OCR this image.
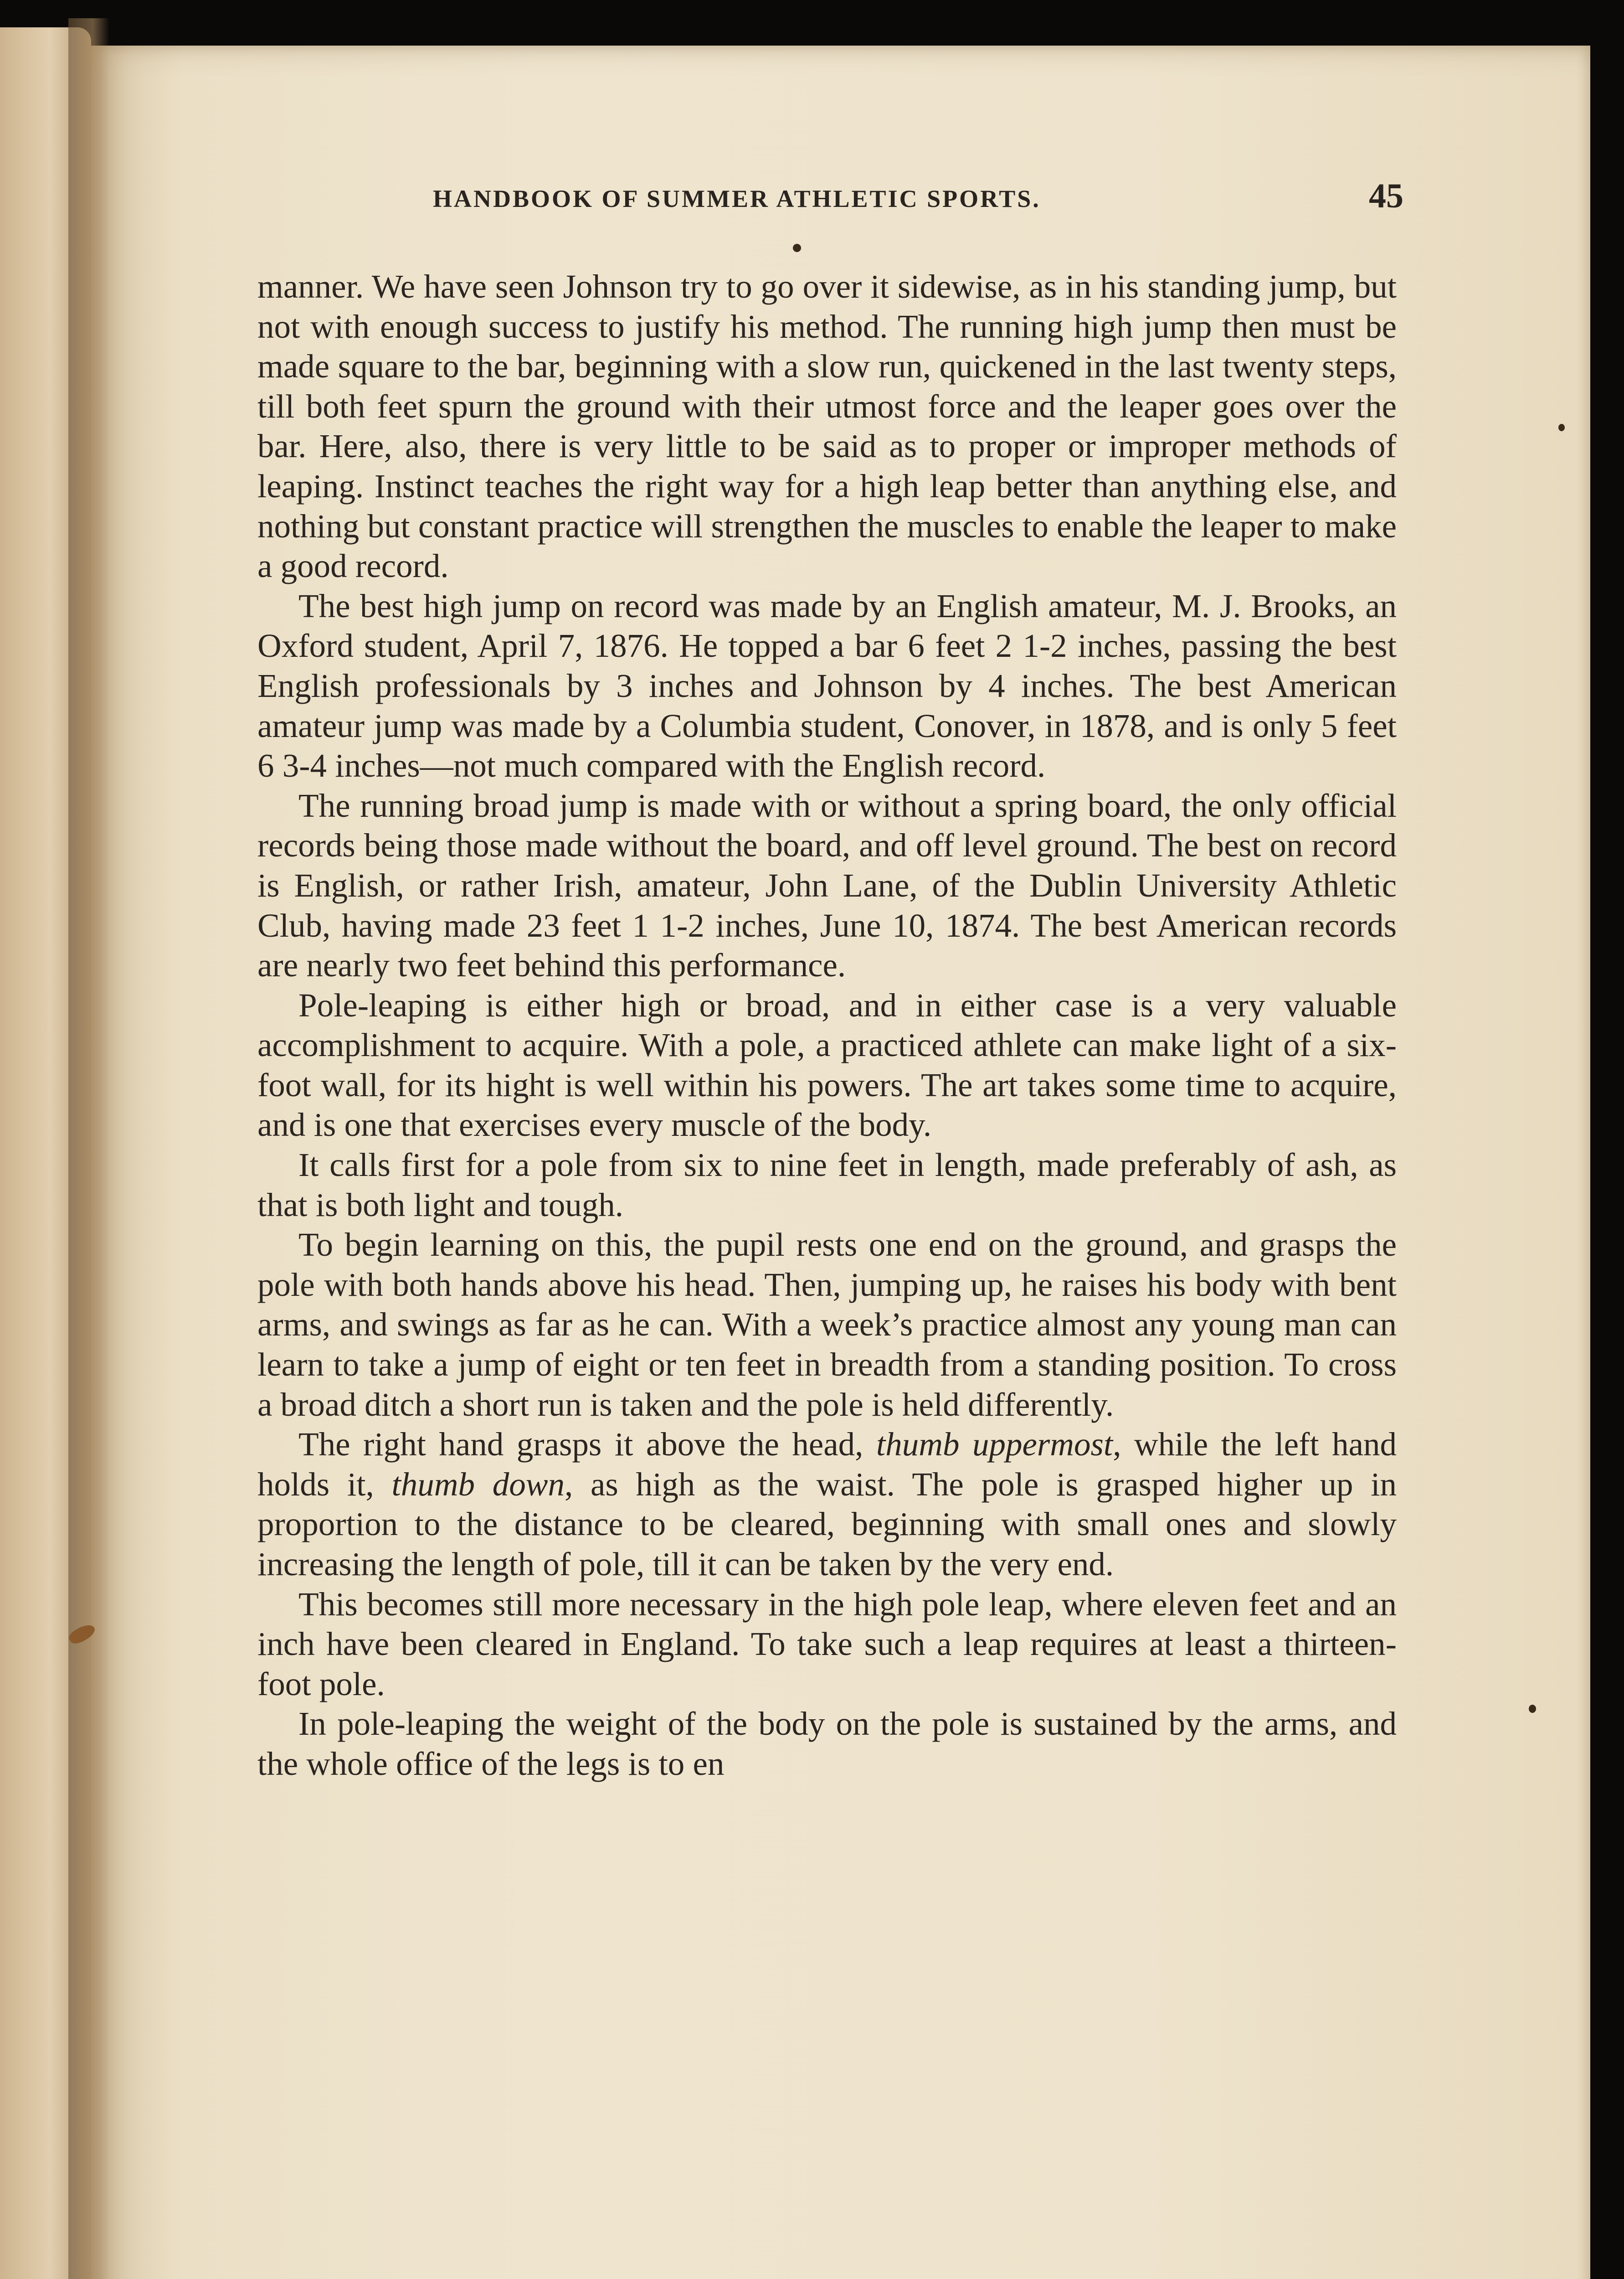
HANDBOOK OF SUMMER ATHLETIC SPORTS.	45

manner. We have seen Johnson try to go over it sidewise, as in his standing jump, but not with enough success to justify his method. The running high jump then must be made square to the bar, beginning with a slow run, quickened in the last twenty steps, till both feet spurn the ground with their utmost force and the leaper goes over the bar. Here, also, there is very little to be said as to proper or improper methods of leaping. Instinct teaches the right way for a high leap better than anything else, and nothing but constant practice will strengthen the muscles to enable the leaper to make a good record.

The best high jump on record was made by an English amateur, M. J. Brooks, an Oxford student, April 7, 1876. He topped a bar 6 feet 2 1-2 inches, passing the best English professionals by 3 inches and Johnson by 4 inches. The best American amateur jump was made by a Columbia student, Conover, in 1878, and is only 5 feet 6 3-4 inches—not much compared with the English record.

The running broad jump is made with or without a spring board, the only official records being those made without the board, and off level ground. The best on record is English, or rather Irish, amateur, John Lane, of the Dublin University Athletic Club, having made 23 feet 1 1-2 inches, June 10, 1874. The best American records are nearly two feet behind this performance.

Pole-leaping is either high or broad, and in either case is a very valuable accomplishment to acquire. With a pole, a practiced athlete can make light of a six-foot wall, for its hight is well within his powers. The art takes some time to acquire, and is one that exercises every muscle of the body.

It calls first for a pole from six to nine feet in length, made preferably of ash, as that is both light and tough.

To begin learning on this, the pupil rests one end on the ground, and grasps the pole with both hands above his head. Then, jumping up, he raises his body with bent arms, and swings as far as he can. With a week’s practice almost any young man can learn to take a jump of eight or ten feet in breadth from a standing position. To cross a broad ditch a short run is taken and the pole is held differently.

The right hand grasps it above the head, thumb uppermost, while the left hand holds it, thumb down, as high as the waist. The pole is grasped higher up in proportion to the distance to be cleared, beginning with small ones and slowly increasing the length of pole, till it can be taken by the very end.

This becomes still more necessary in the high pole leap, where eleven feet and an inch have been cleared in England. To take such a leap requires at least a thirteen-foot pole.

In pole-leaping the weight of the body on the pole is sustained by the arms, and the whole office of the legs is to en
